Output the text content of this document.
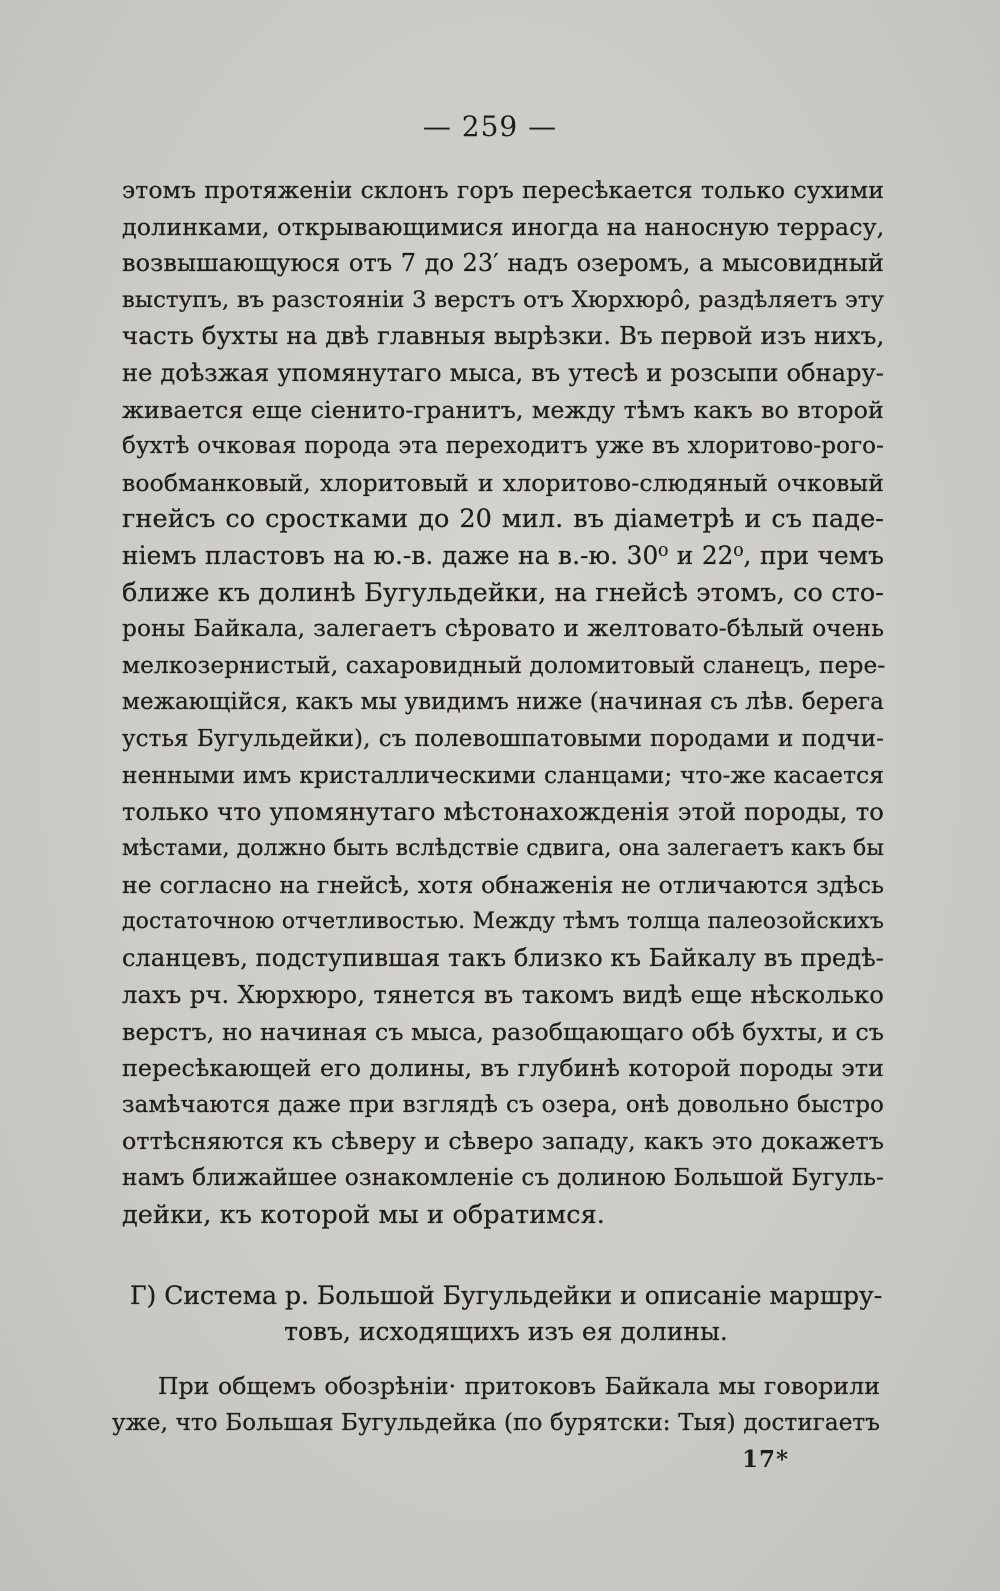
— 259 —
этомъ протяженіи склонъ горъ пересѣкается только сухими
долинками, открывающимися иногда на наносную террасу,
возвышающуюся отъ 7 до 23′ надъ озеромъ, а мысовидный
выступъ, въ разстояніи 3 верстъ отъ Хюрхюрô, раздѣляетъ эту
часть бухты на двѣ главныя вырѣзки. Въ первой изъ нихъ,
не доѣзжая упомянутаго мыса, въ утесѣ и розсыпи обнару-
живается еще сіенито-гранитъ, между тѣмъ какъ во второй
бухтѣ очковая порода эта переходитъ уже въ хлоритово-рого-
вообманковый, хлоритовый и хлоритово-слюдяный очковый
гнейсъ со сростками до 20 мил. въ діаметрѣ и съ паде-
ніемъ пластовъ на ю.-в. даже на в.-ю. 30⁰ и 22⁰, при чемъ
ближе къ долинѣ Бугульдейки, на гнейсѣ этомъ, со сто-
роны Байкала, залегаетъ сѣровато и желтовато-бѣлый очень
мелкозернистый, сахаровидный доломитовый сланецъ, пере-
межающійся, какъ мы увидимъ ниже (начиная съ лѣв. берега
устья Бугульдейки), съ полевошпатовыми породами и подчи-
ненными имъ кристаллическими сланцами; что-же касается
только что упомянутаго мѣстонахожденія этой породы, то
мѣстами, должно быть вслѣдствіе сдвига, она залегаетъ какъ бы
не согласно на гнейсѣ, хотя обнаженія не отличаются здѣсь
достаточною отчетливостью. Между тѣмъ толща палеозойскихъ
сланцевъ, подступившая такъ близко къ Байкалу въ предѣ-
лахъ рч. Хюрхюро, тянется въ такомъ видѣ еще нѣсколько
верстъ, но начиная съ мыса, разобщающаго обѣ бухты, и съ
пересѣкающей его долины, въ глубинѣ которой породы эти
замѣчаются даже при взглядѣ съ озера, онѣ довольно быстро
оттѣсняются къ сѣверу и сѣверо западу, какъ это докажетъ
намъ ближайшее ознакомленіе съ долиною Большой Бугуль-
дейки, къ которой мы и обратимся.
Г) Система р. Большой Бугульдейки и описаніе маршру-
товъ, исходящихъ изъ ея долины.
При общемъ обозрѣніи· притоковъ Байкала мы говорили
уже, что Большая Бугульдейка (по бурятски: Тыя) достигаетъ
17*
